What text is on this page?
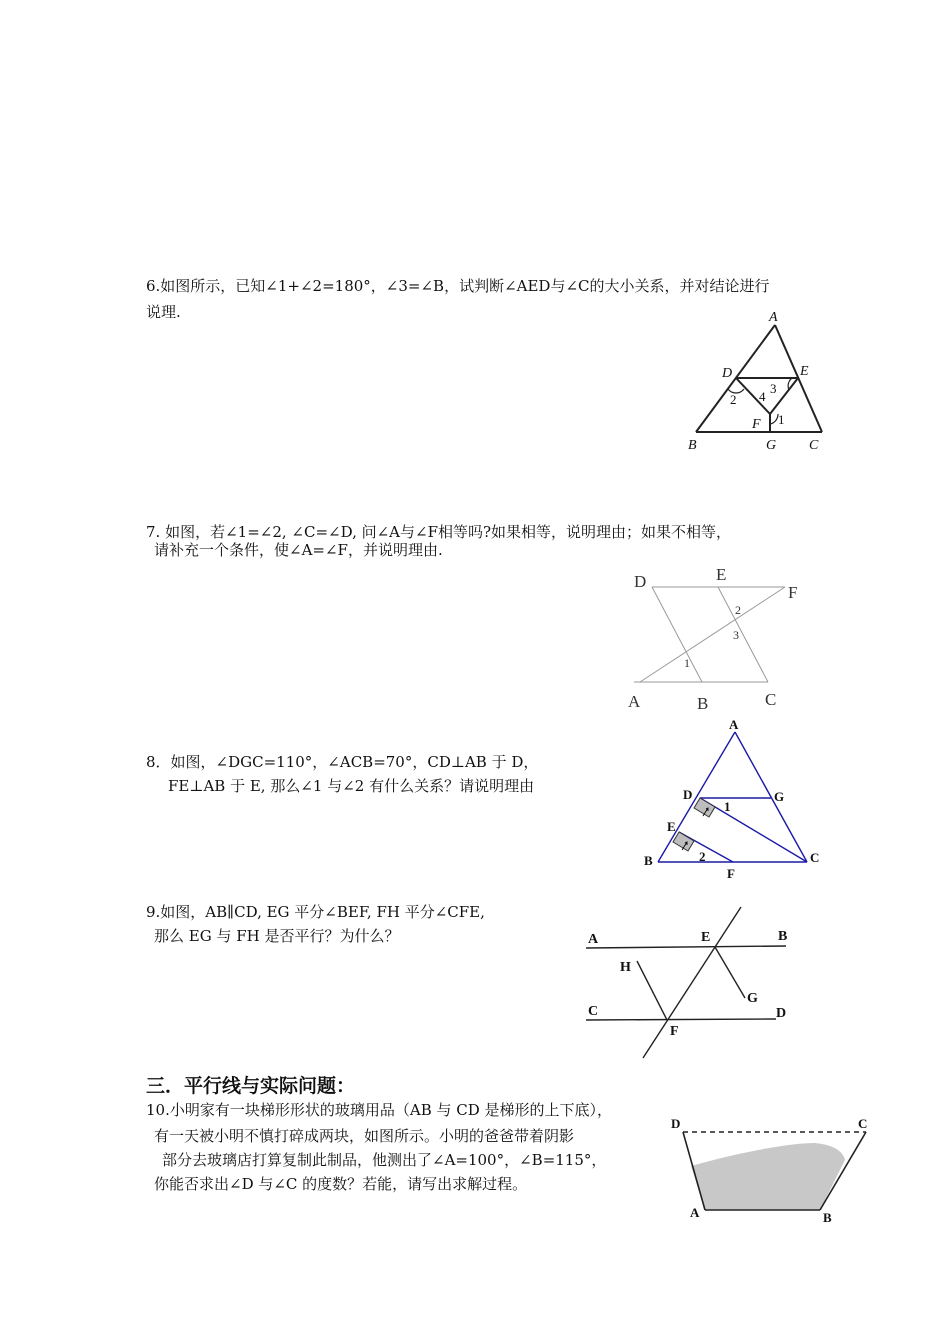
6.如图所示，已知∠1+∠2=180°，∠3=∠B，试判断∠AED与∠C的大小关系，并对结论进行
说理.	A
D	E
B	G C
F
2
3
4
1
7. 如图，若∠1=∠2, ∠C=∠D, 问∠A与∠F相等吗?如果相等，说明理由；如果不相等，
请补充一个条件，使∠A=∠F，并说明理由.
D	E
F
A	B	C
2
3
1
8．如图，∠DGC=110°，∠ACB=70°，CD⊥AB 于 D，
FE⊥AB 于 E, 那么∠1 与∠2 有什么关系？请说明理由
A
D	G
E
B	C
F
1
2
9.如图，AB∥CD, EG 平分∠BEF, FH 平分∠CFE,
那么 EG 与 FH 是否平行？为什么？	A	E	B
H
G
C	D
F
三．平行线与实际问题：
10.小明家有一块梯形形状的玻璃用品（AB 与 CD 是梯形的上下底），
有一天被小明不慎打碎成两块，如图所示。小明的爸爸带着阴影
部分去玻璃店打算复制此制品，他测出了∠A=100°，∠B=115°，
你能否求出∠D 与∠C 的度数？若能，请写出求解过程。
D	C
A	B
